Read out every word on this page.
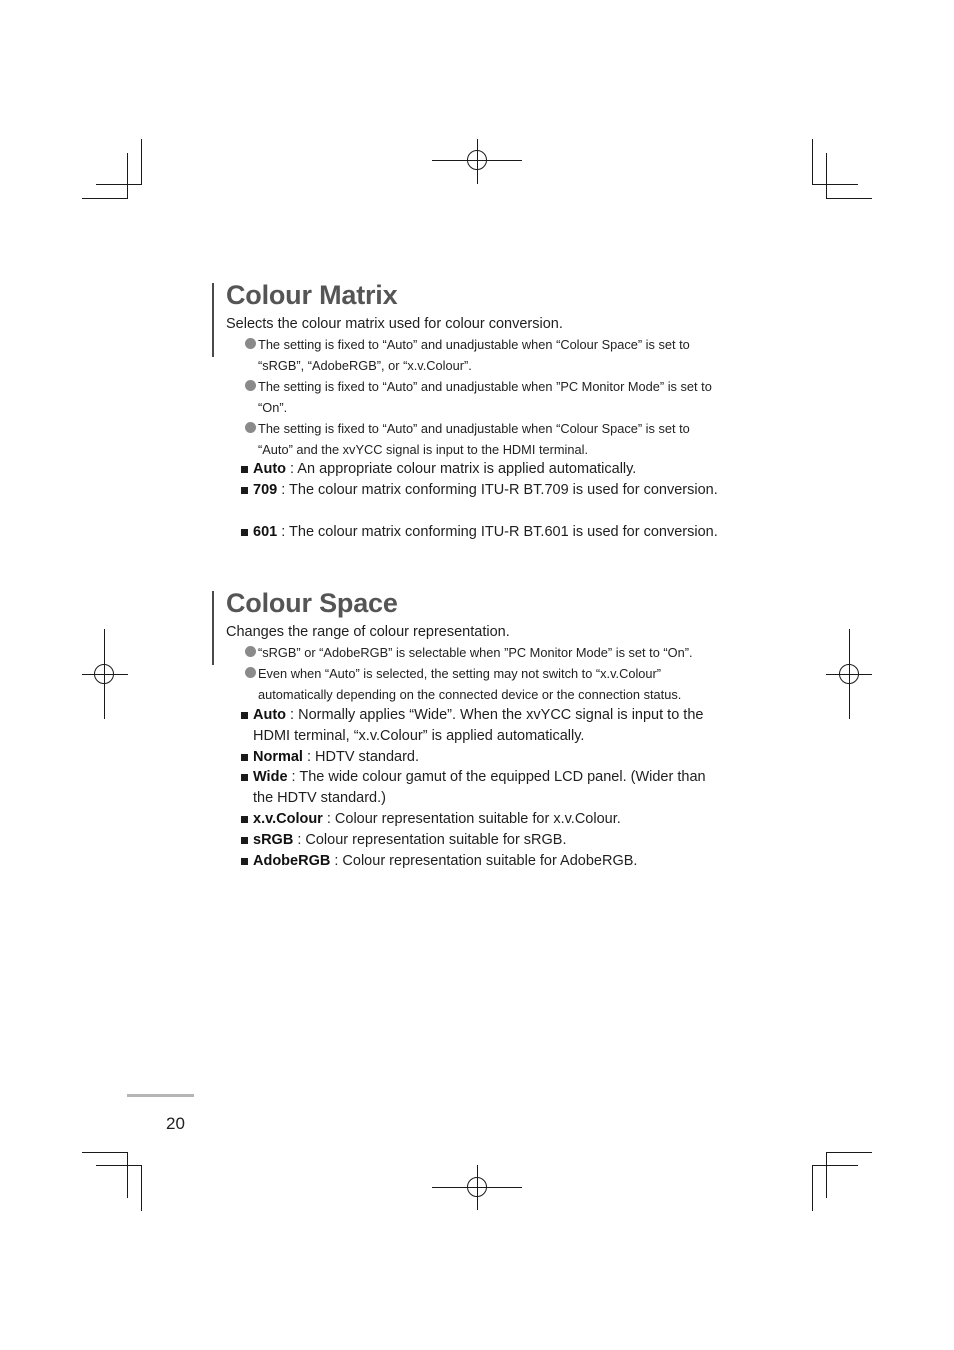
Colour Matrix
Selects the colour matrix used for colour conversion.
The setting is fixed to “Auto” and unadjustable when “Colour Space” is set to “sRGB”, “AdobeRGB”, or “x.v.Colour”.
The setting is fixed to “Auto” and unadjustable when ”PC Monitor Mode” is set to “On”.
The setting is fixed to “Auto” and unadjustable when “Colour Space” is set to “Auto” and the xvYCC signal is input to the HDMI terminal.
Auto : An appropriate colour matrix is applied automatically.
709 : The colour matrix conforming ITU-R BT.709 is used for conversion.
601 : The colour matrix conforming ITU-R BT.601 is used for conversion.
Colour Space
Changes the range of colour representation.
“sRGB” or “AdobeRGB” is selectable when ”PC Monitor Mode” is set to “On”.
Even when “Auto” is selected, the setting may not switch to “x.v.Colour” automatically depending on the connected device or the connection status.
Auto : Normally applies “Wide”. When the xvYCC signal is input to the HDMI terminal, “x.v.Colour” is applied automatically.
Normal : HDTV standard.
Wide : The wide colour gamut of the equipped LCD panel. (Wider than the HDTV standard.)
x.v.Colour : Colour representation suitable for x.v.Colour.
sRGB : Colour representation suitable for sRGB.
AdobeRGB : Colour representation suitable for AdobeRGB.
20
